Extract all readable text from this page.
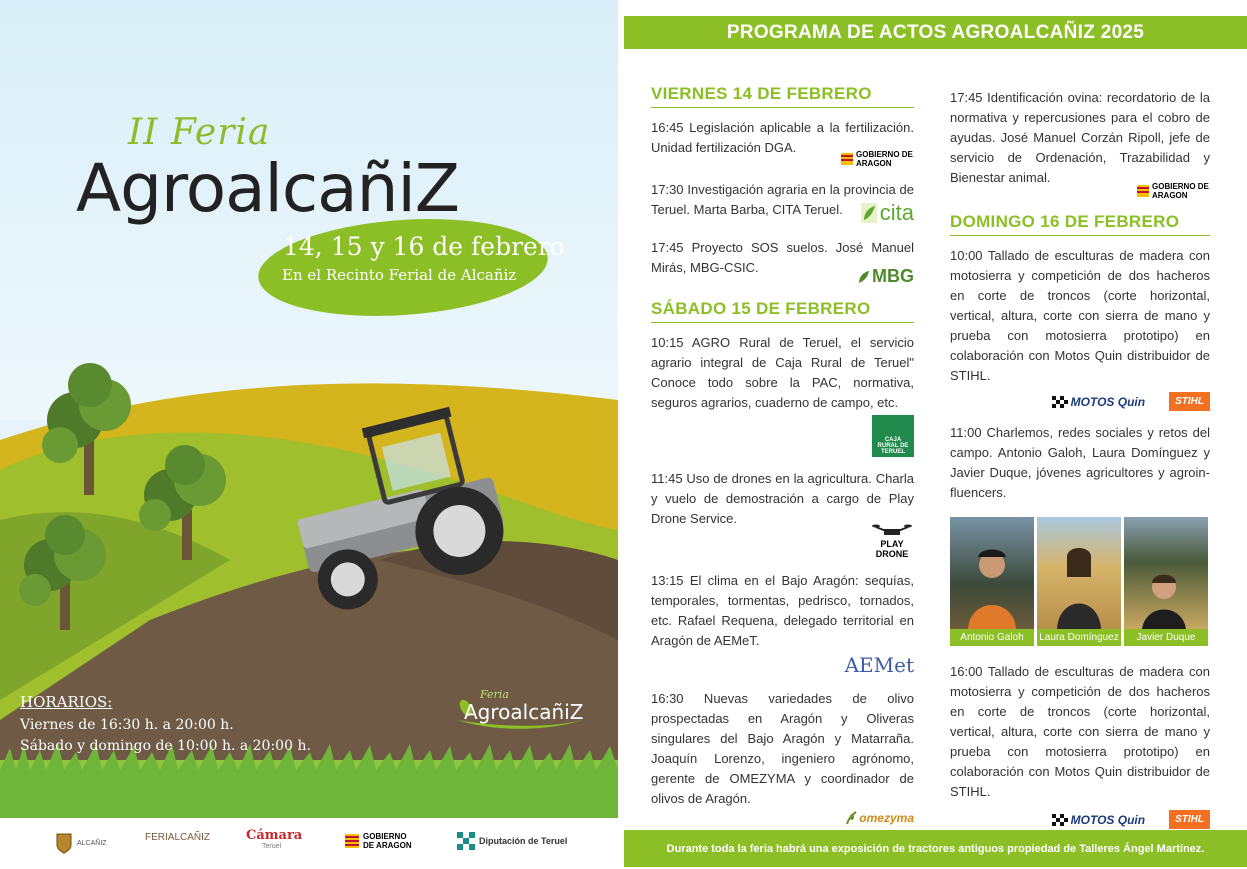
II Feria
AgroalcañiZ
14, 15 y 16 de febrero
En el Recinto Ferial de Alcañiz
HORARIOS:
Viernes de 16:30 h. a 20:00 h.
Sábado y domingo de 10:00 h. a 20:00 h.
Feria
AgroalcañiZ
ALCAÑIZ	FERIALCAÑIZ	Cámara
Teruel
GOBIERNO DE ARAGON	Diputación de Teruel
PROGRAMA DE ACTOS AGROALCAÑIZ 2025
VIERNES 14 DE FEBRERO
16:45 Legislación aplicable a la fertilización. Unidad fertilización DGA.	GOBIERNO DE ARAGON
17:30 Investigación agraria en la provincia de Teruel. Marta Barba, CITA Teruel.	cita
17:45 Proyecto SOS suelos. José Manuel Mirás, MBG-CSIC.	MBG
SÁBADO 15 DE FEBRERO
10:15 AGRO Rural de Teruel, el servicio agrario integral de Caja Rural de Teruel" Conoce todo sobre la PAC, normativa, seguros agrarios, cuaderno de campo, etc.
CAJA RURAL DE TERUEL
11:45 Uso de drones en la agricultura. Charla y vuelo de demostración a cargo de Play Drone Service.
PLAY DRONE
13:15 El clima en el Bajo Aragón: sequías, temporales, tormentas, pedrisco, tornados, etc. Rafael Requena, delegado territorial en Aragón de AEMeT.
AEMet
16:30 Nuevas variedades de olivo prospectadas en Aragón y Oliveras singulares del Bajo Aragón y Matarraña. Joaquín Lorenzo, ingeniero agrónomo, gerente de OMEZYMA y coordinador de olivos de Aragón.
omezyma
17:45 Identificación ovina: recordatorio de la normativa y repercusiones para el cobro de ayudas. José Manuel Corzán Ripoll, jefe de servicio de Ordenación, Trazabilidad y Bienestar animal.
GOBIERNO DE ARAGON
DOMINGO 16 DE FEBRERO
10:00 Tallado de esculturas de madera con motosierra y competición de dos hacheros en corte de troncos (corte horizontal, vertical, altura, corte con sierra de mano y prueba con motosierra prototipo) en colaboración con Motos Quin distribuidor de STIHL.
MOTOS Quin	STIHL
11:00 Charlemos, redes sociales y retos del campo. Antonio Galoh, Laura Domínguez y Javier Duque, jóvenes agricultores y agroin-fluencers.
Antonio Galoh	Laura Domínguez	Javier Duque
16:00 Tallado de esculturas de madera con motosierra y competición de dos hacheros en corte de troncos (corte horizontal, vertical, altura, corte con sierra de mano y prueba con motosierra prototipo) en colaboración con Motos Quin distribuidor de STIHL.
MOTOS Quin	STIHL
Durante toda la feria habrá una exposición de tractores antiguos propiedad de Talleres Ángel Martínez.
